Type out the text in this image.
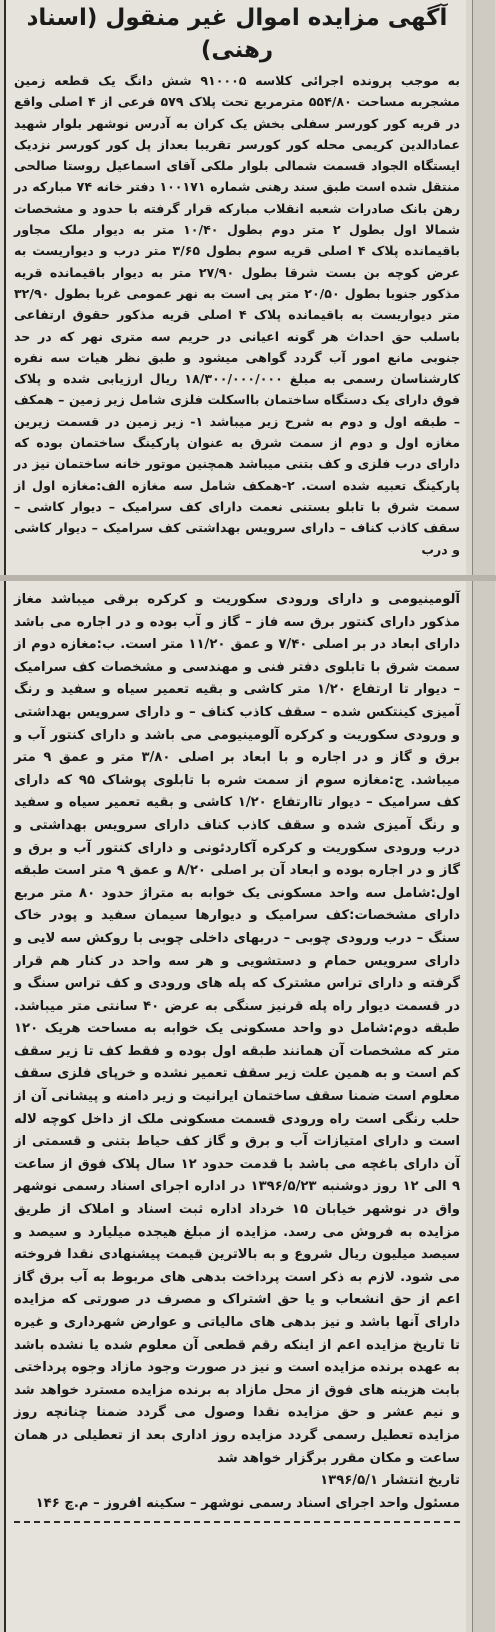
آگهی مزایده اموال غیر منقول (اسناد رهنی)

به موجب پرونده اجرائی کلاسه ۹۱۰۰۰۵ شش دانگ یک قطعه زمین مشجربه مساحت ۵۵۴/۸۰ مترمربع تحت پلاک ۵۷۹ فرعی از ۴ اصلی واقع در قریه کور کورسر سفلی بخش یک کران به آدرس نوشهر بلوار شهید عمادالدین کریمی محله کور کورسر تقریبا بعداز پل کور کورسر نزدیک ایستگاه الجواد قسمت شمالی بلوار ملکی آقای اسماعیل روستا صالحی منتقل شده است طبق سند رهنی شماره ۱۰۰۱۷۱ دفتر خانه ۷۴ مبارکه در رهن بانک صادرات شعبه انقلاب مبارکه قرار گرفته با حدود و مشخصات شمالا اول بطول ۲ متر دوم بطول ۱۰/۴۰ متر به دیوار ملک مجاور باقیمانده پلاک ۴ اصلی قریه سوم بطول ۳/۶۵ متر درب و دیواریست به عرض کوچه بن بست شرقا بطول ۲۷/۹۰ متر به دیوار باقیمانده قریه مذکور جنوبا بطول ۲۰/۵۰ متر پی است به نهر عمومی غربا بطول ۳۲/۹۰ متر دیواریست به باقیمانده پلاک ۴ اصلی قریه مذکور حقوق ارتفاعی باسلب حق احداث هر گونه اعیانی در حریم سه متری نهر که در حد جنوبی مانع امور آب گردد گواهی میشود و طبق نظر هیات سه نفره کارشناسان رسمی به مبلغ ۱۸/۳۰۰/۰۰۰/۰۰۰ ریال ارزیابی شده و پلاک فوق دارای یک دستگاه ساختمان بااسکلت فلزی شامل زیر زمین – همکف – طبقه اول و دوم به شرح زیر میباشد ۱- زیر زمین در قسمت زیرین مغازه اول و دوم از سمت شرق به عنوان پارکینگ ساختمان بوده که دارای درب فلزی و کف بتنی میباشد همچنین موتور خانه ساختمان نیز در پارکینگ تعبیه شده است. ۲-همکف شامل سه مغازه الف:مغازه اول از سمت شرق با تابلو بستنی نعمت دارای کف سرامیک – دیوار کاشی – سقف کاذب کناف – دارای سرویس بهداشتی کف سرامیک – دیوار کاشی و درب

آلومینیومی و دارای ورودی سکوریت و کرکره برقی میباشد مغاز مذکور دارای کنتور برق سه فاز – گاز و آب بوده و در اجاره می باشد دارای ابعاد در بر اصلی ۷/۴۰ و عمق ۱۱/۲۰ متر است. ب:مغازه دوم از سمت شرق با تابلوی دفتر فنی و مهندسی و مشخصات کف سرامیک – دیوار تا ارتفاع ۱/۲۰ متر کاشی و بقیه تعمیر سیاه و سفید و رنگ آمیزی کینتکس شده – سقف کاذب کناف – و دارای سرویس بهداشتی و ورودی سکوریت و کرکره آلومینیومی می باشد و دارای کنتور آب و برق و گاز و در اجاره و با ابعاد بر اصلی ۳/۸۰ متر و عمق ۹ متر میباشد. ج:مغازه سوم از سمت شره با تابلوی پوشاک ۹۵ که دارای کف سرامیک – دیوار تاارتفاع ۱/۲۰ کاشی و بقیه تعمیر سیاه و سفید و رنگ آمیزی شده و سقف کاذب کناف دارای سرویس بهداشتی و درب ورودی سکوریت و کرکره آکاردئونی و دارای کنتور آب و برق و گاز و در اجاره بوده و ابعاد آن بر اصلی ۸/۲۰ و عمق ۹ متر است طبقه اول:شامل سه واحد مسکونی یک خوابه به متراژ حدود ۸۰ متر مربع دارای مشخصات:کف سرامیک و دیوارها سیمان سفید و پودر خاک سنگ – درب ورودی چوبی – دربهای داخلی چوبی با روکش سه لایی و دارای سرویس حمام و دستشویی و هر سه واحد در کنار هم قرار گرفته و دارای تراس مشترک که پله های ورودی و کف تراس سنگ و در قسمت دیوار راه پله قرنیز سنگی به عرض ۴۰ سانتی متر میباشد. طبقه دوم:شامل دو واحد مسکونی یک خوابه به مساحت هریک ۱۲۰ متر که مشخصات آن همانند طبقه اول بوده و فقط کف تا زیر سقف کم است و به همین علت زیر سقف تعمیر نشده و خرپای فلزی سقف معلوم است ضمنا سقف ساختمان ایرانیت و زیر دامنه و پیشانی آن از حلب رنگی است راه ورودی قسمت مسکونی ملک از داخل کوچه لاله است و دارای امتیازات آب و برق و گاز کف حیاط بتنی و قسمتی از آن دارای باغچه می باشد با قدمت حدود ۱۲ سال پلاک فوق از ساعت ۹ الی ۱۲ روز دوشنبه ۱۳۹۶/۵/۲۳ در اداره اجرای اسناد رسمی نوشهر واق در نوشهر خیابان ۱۵ خرداد اداره ثبت اسناد و املاک از طریق مزایده به فروش می رسد. مزایده از مبلغ هیجده میلیارد و سیصد و سیصد میلیون ریال شروع و به بالاترین قیمت پیشنهادی نقدا فروخته می شود. لازم به ذکر است پرداخت بدهی های مربوط به آب برق گاز اعم از حق انشعاب و یا حق اشتراک و مصرف در صورتی که مزایده دارای آنها باشد و نیز بدهی های مالیاتی و عوارض شهرداری و غیره تا تاریخ مزایده اعم از اینکه رقم قطعی آن معلوم شده یا نشده باشد به عهده برنده مزایده است و نیز در صورت وجود مازاد وجوه پرداختی بابت هزینه های فوق از محل مازاد به برنده مزایده مسترد خواهد شد و نیم عشر و حق مزایده نقدا وصول می گردد ضمنا چنانچه روز مزایده تعطیل رسمی گردد مزایده روز اداری بعد از تعطیلی در همان ساعت و مکان مقرر برگزار خواهد شد

تاریخ انتشار ۱۳۹۶/۵/۱

مسئول واحد اجرای اسناد رسمی نوشهر – سکینه افروز – م.چ ۱۴۶
